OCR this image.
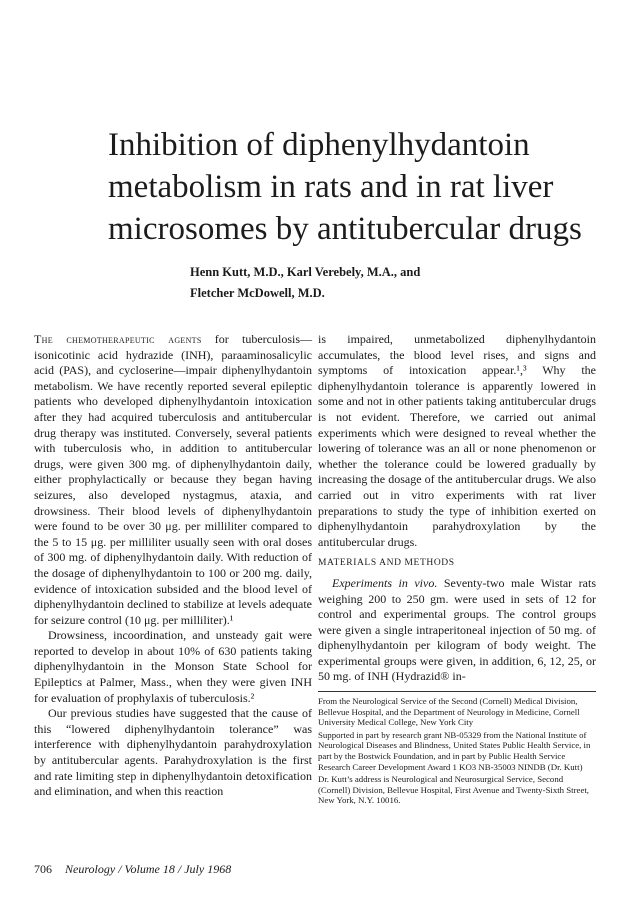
Inhibition of diphenylhydantoin
metabolism in rats and in rat liver
microsomes by antitubercular drugs
Henn Kutt, M.D., Karl Verebely, M.A., and
Fletcher McDowell, M.D.

The chemotherapeutic agents for tuberculosis—isonicotinic acid hydrazide (INH), paraaminosalicylic acid (PAS), and cycloserine—impair diphenylhydantoin metabolism. We have recently reported several epileptic patients who developed diphenylhydantoin intoxication after they had acquired tuberculosis and antitubercular drug therapy was instituted. Conversely, several patients with tuberculosis who, in addition to antitubercular drugs, were given 300 mg. of diphenylhydantoin daily, either prophylactically or because they began having seizures, also developed nystagmus, ataxia, and drowsiness. Their blood levels of diphenylhydantoin were found to be over 30 μg. per milliliter compared to the 5 to 15 μg. per milliliter usually seen with oral doses of 300 mg. of diphenylhydantoin daily. With reduction of the dosage of diphenylhydantoin to 100 or 200 mg. daily, evidence of intoxication subsided and the blood level of diphenylhydantoin declined to stabilize at levels adequate for seizure control (10 μg. per milliliter).¹

Drowsiness, incoordination, and unsteady gait were reported to develop in about 10% of 630 patients taking diphenylhydantoin in the Monson State School for Epileptics at Palmer, Mass., when they were given INH for evaluation of prophylaxis of tuberculosis.²

Our previous studies have suggested that the cause of this “lowered diphenylhydantoin tolerance” was interference with diphenylhydantoin parahydroxylation by antitubercular agents. Parahydroxylation is the first and rate limiting step in diphenylhydantoin detoxification and elimination, and when this reaction

is impaired, unmetabolized diphenylhydantoin accumulates, the blood level rises, and signs and symptoms of intoxication appear.¹,³ Why the diphenylhydantoin tolerance is apparently lowered in some and not in other patients taking antitubercular drugs is not evident. Therefore, we carried out animal experiments which were designed to reveal whether the lowering of tolerance was an all or none phenomenon or whether the tolerance could be lowered gradually by increasing the dosage of the antitubercular drugs. We also carried out in vitro experiments with rat liver preparations to study the type of inhibition exerted on diphenylhydantoin parahydroxylation by the antitubercular drugs.

MATERIALS AND METHODS

Experiments in vivo. Seventy-two male Wistar rats weighing 200 to 250 gm. were used in sets of 12 for control and experimental groups. The control groups were given a single intraperitoneal injection of 50 mg. of diphenylhydantoin per kilogram of body weight. The experimental groups were given, in addition, 6, 12, 25, or 50 mg. of INH (Hydrazid® in-

From the Neurological Service of the Second (Cornell) Medical Division, Bellevue Hospital, and the Department of Neurology in Medicine, Cornell University Medical College, New York City

Supported in part by research grant NB-05329 from the National Institute of Neurological Diseases and Blindness, United States Public Health Service, in part by the Bostwick Foundation, and in part by Public Health Service Research Career Development Award 1 KO3 NB-35003 NINDB (Dr. Kutt)

Dr. Kutt’s address is Neurological and Neurosurgical Service, Second (Cornell) Division, Bellevue Hospital, First Avenue and Twenty-Sixth Street, New York, N.Y. 10016.

706 Neurology / Volume 18 / July 1968
